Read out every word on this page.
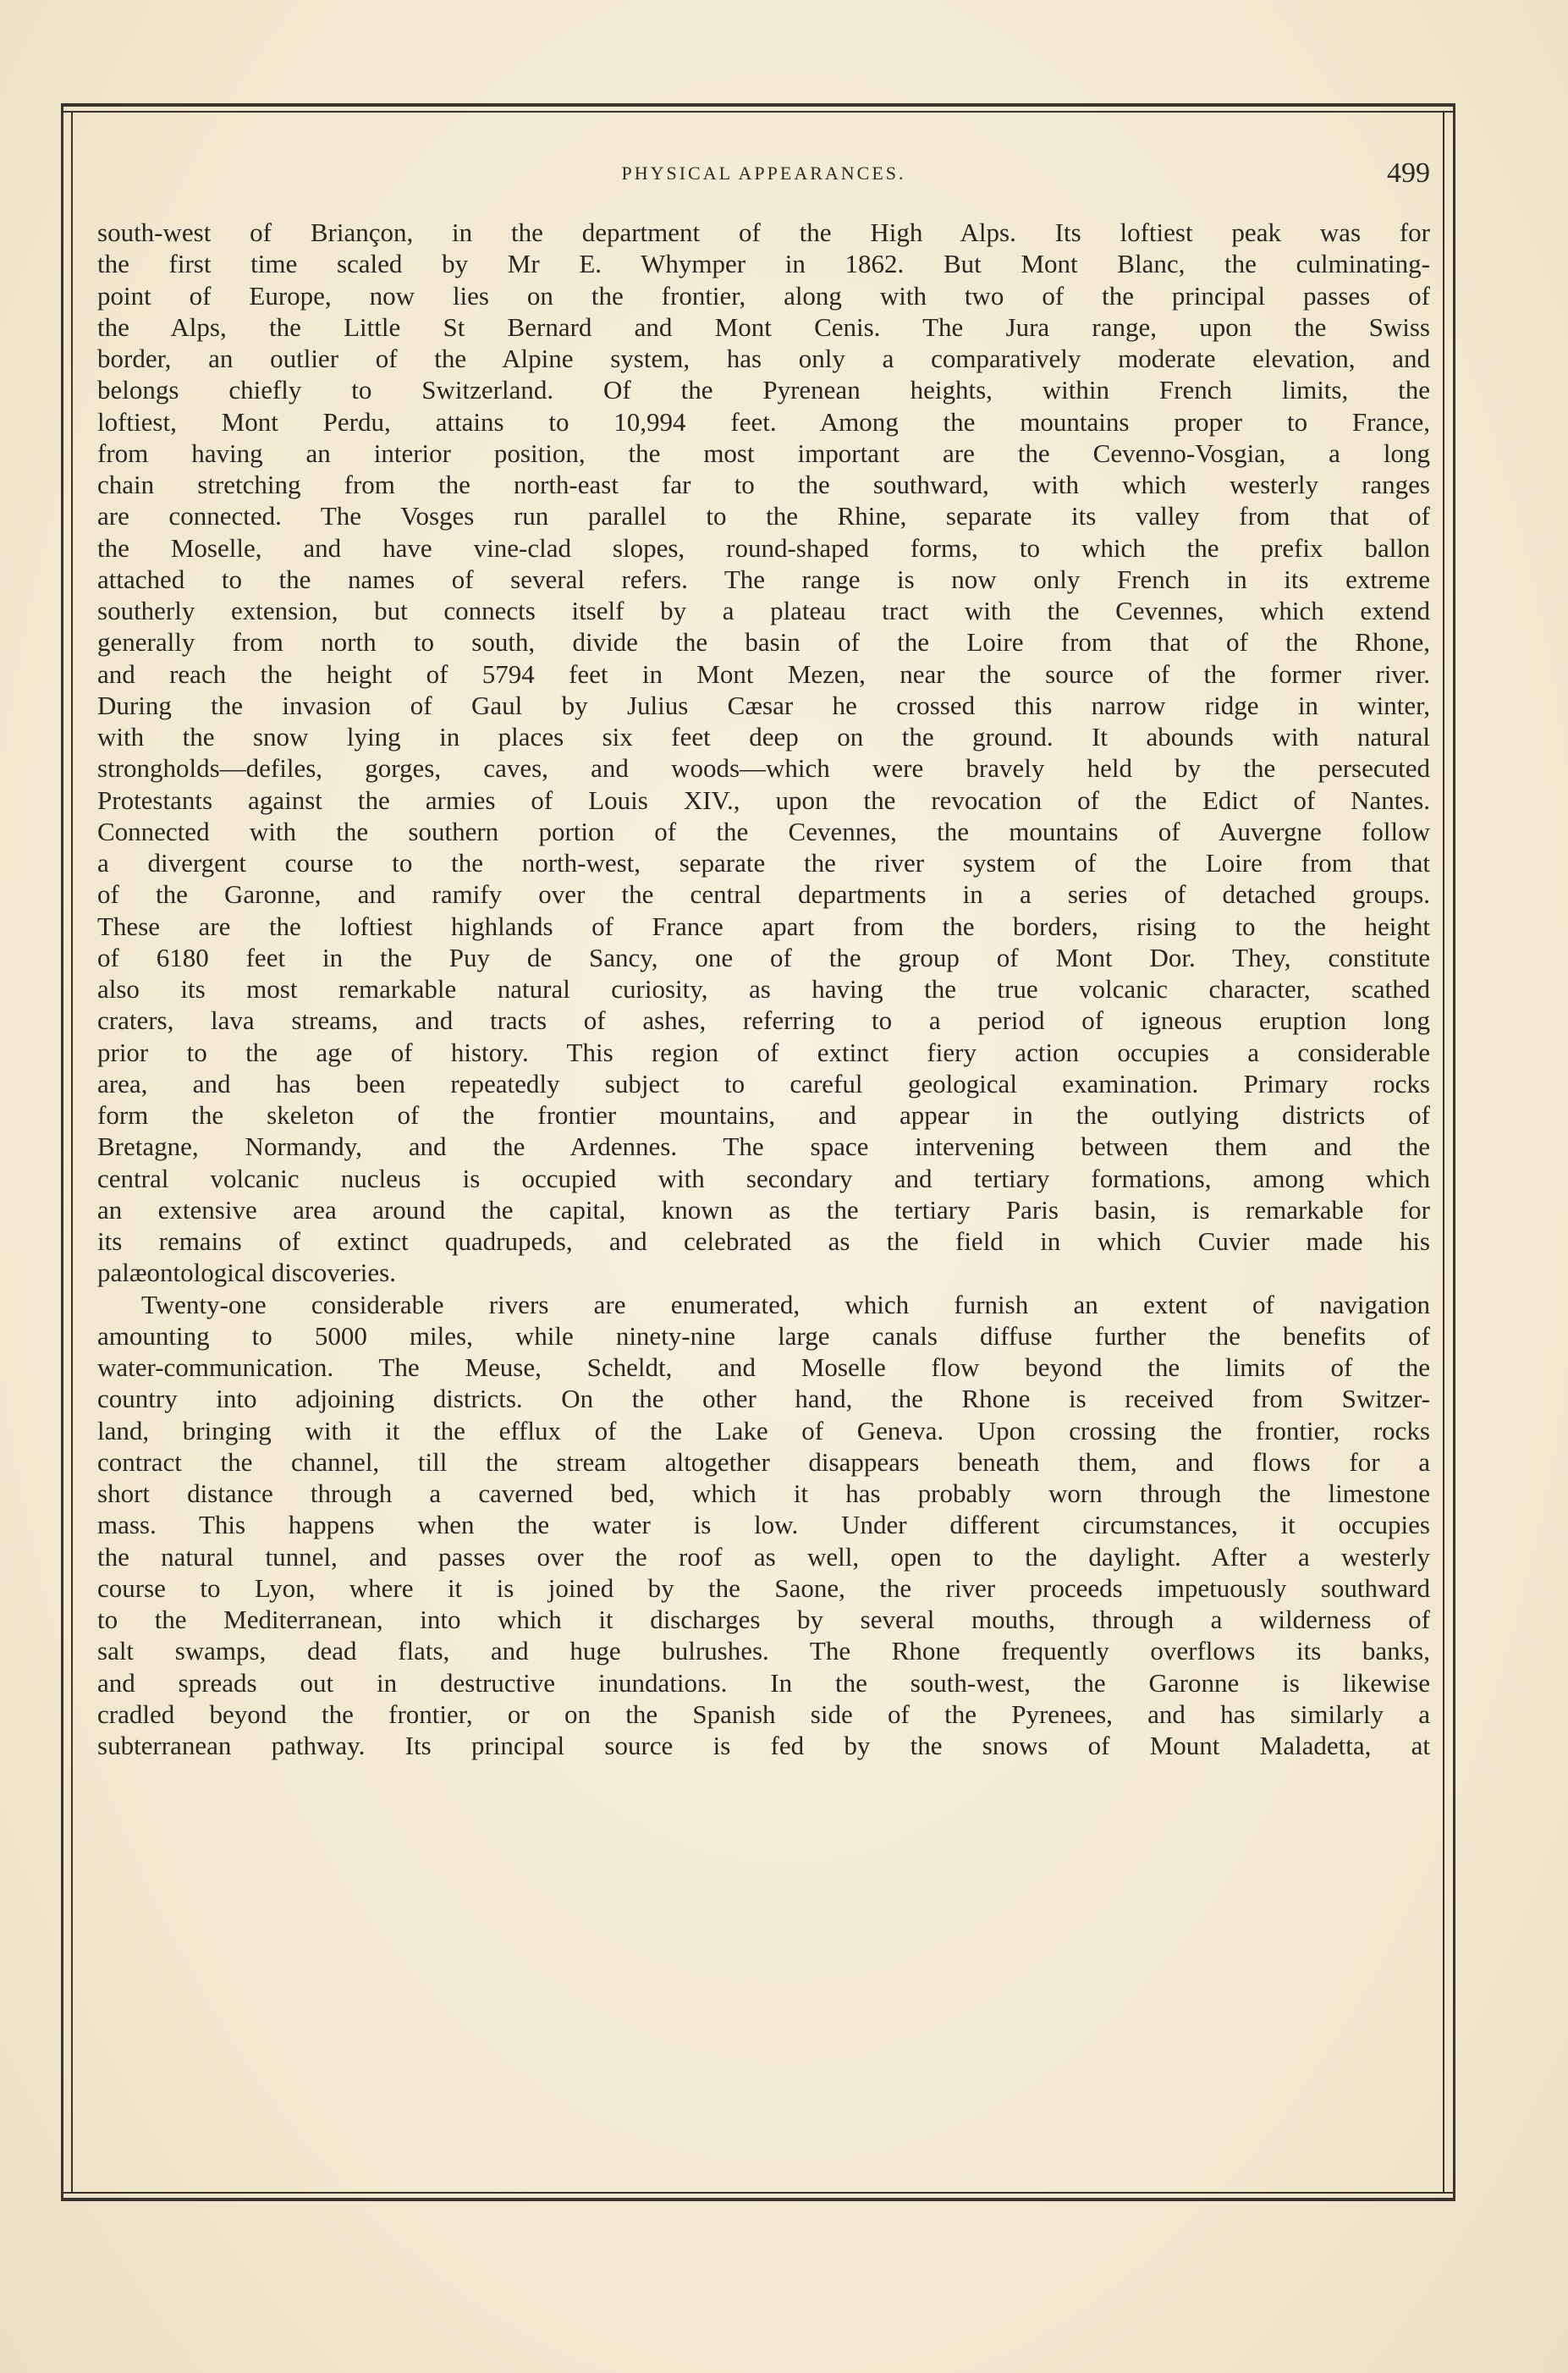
PHYSICAL APPEARANCES.	499
south-west of Briançon, in the department of the High Alps. Its loftiest peak was for
the first time scaled by Mr E. Whymper in 1862. But Mont Blanc, the culminating-
point of Europe, now lies on the frontier, along with two of the principal passes of
the Alps, the Little St Bernard and Mont Cenis. The Jura range, upon the Swiss
border, an outlier of the Alpine system, has only a comparatively moderate elevation, and
belongs chiefly to Switzerland. Of the Pyrenean heights, within French limits, the
loftiest, Mont Perdu, attains to 10,994 feet. Among the mountains proper to France,
from having an interior position, the most important are the Cevenno-Vosgian, a long
chain stretching from the north-east far to the southward, with which westerly ranges
are connected. The Vosges run parallel to the Rhine, separate its valley from that of
the Moselle, and have vine-clad slopes, round-shaped forms, to which the prefix ballon
attached to the names of several refers. The range is now only French in its extreme
southerly extension, but connects itself by a plateau tract with the Cevennes, which extend
generally from north to south, divide the basin of the Loire from that of the Rhone,
and reach the height of 5794 feet in Mont Mezen, near the source of the former river.
During the invasion of Gaul by Julius Cæsar he crossed this narrow ridge in winter,
with the snow lying in places six feet deep on the ground. It abounds with natural
strongholds—defiles, gorges, caves, and woods—which were bravely held by the persecuted
Protestants against the armies of Louis XIV., upon the revocation of the Edict of Nantes.
Connected with the southern portion of the Cevennes, the mountains of Auvergne follow
a divergent course to the north-west, separate the river system of the Loire from that
of the Garonne, and ramify over the central departments in a series of detached groups.
These are the loftiest highlands of France apart from the borders, rising to the height
of 6180 feet in the Puy de Sancy, one of the group of Mont Dor. They, constitute
also its most remarkable natural curiosity, as having the true volcanic character, scathed
craters, lava streams, and tracts of ashes, referring to a period of igneous eruption long
prior to the age of history. This region of extinct fiery action occupies a considerable
area, and has been repeatedly subject to careful geological examination. Primary rocks
form the skeleton of the frontier mountains, and appear in the outlying districts of
Bretagne, Normandy, and the Ardennes. The space intervening between them and the
central volcanic nucleus is occupied with secondary and tertiary formations, among which
an extensive area around the capital, known as the tertiary Paris basin, is remarkable for
its remains of extinct quadrupeds, and celebrated as the field in which Cuvier made his
palæontological discoveries.
Twenty-one considerable rivers are enumerated, which furnish an extent of navigation
amounting to 5000 miles, while ninety-nine large canals diffuse further the benefits of
water-communication. The Meuse, Scheldt, and Moselle flow beyond the limits of the
country into adjoining districts. On the other hand, the Rhone is received from Switzer-
land, bringing with it the efflux of the Lake of Geneva. Upon crossing the frontier, rocks
contract the channel, till the stream altogether disappears beneath them, and flows for a
short distance through a caverned bed, which it has probably worn through the limestone
mass. This happens when the water is low. Under different circumstances, it occupies
the natural tunnel, and passes over the roof as well, open to the daylight. After a westerly
course to Lyon, where it is joined by the Saone, the river proceeds impetuously southward
to the Mediterranean, into which it discharges by several mouths, through a wilderness of
salt swamps, dead flats, and huge bulrushes. The Rhone frequently overflows its banks,
and spreads out in destructive inundations. In the south-west, the Garonne is likewise
cradled beyond the frontier, or on the Spanish side of the Pyrenees, and has similarly a
subterranean pathway. Its principal source is fed by the snows of Mount Maladetta, at
